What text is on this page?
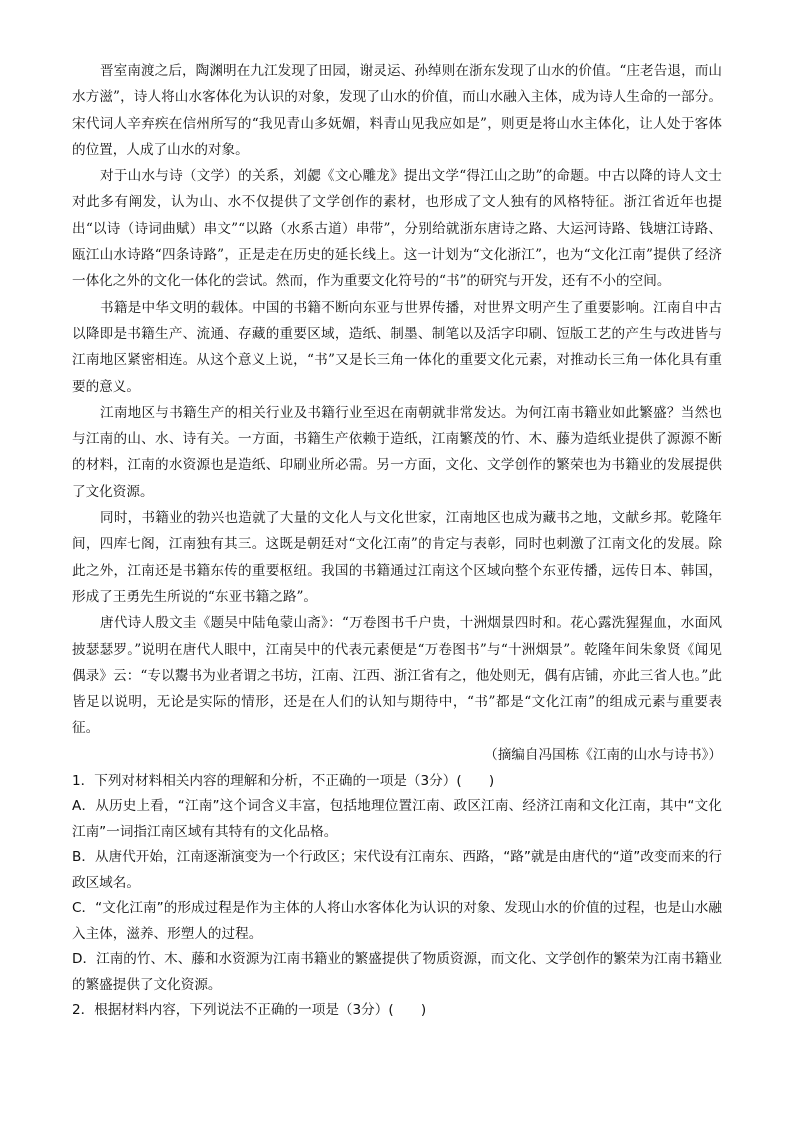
晋室南渡之后，陶渊明在九江发现了田园，谢灵运、孙绰则在浙东发现了山水的价值。“庄老告退，而山水方滋”，诗人将山水客体化为认识的对象，发现了山水的价值，而山水融入主体，成为诗人生命的一部分。宋代词人辛弃疾在信州所写的“我见青山多妩媚，料青山见我应如是”，则更是将山水主体化，让人处于客体的位置，人成了山水的对象。

对于山水与诗（文学）的关系，刘勰《文心雕龙》提出文学“得江山之助”的命题。中古以降的诗人文士对此多有阐发，认为山、水不仅提供了文学创作的素材，也形成了文人独有的风格特征。浙江省近年也提出“以诗（诗词曲赋）串文”“以路（水系古道）串带”，分别给就浙东唐诗之路、大运河诗路、钱塘江诗路、瓯江山水诗路“四条诗路”，正是走在历史的延长线上。这一计划为“文化浙江”，也为“文化江南”提供了经济一体化之外的文化一体化的尝试。然而，作为重要文化符号的“书”的研究与开发，还有不小的空间。

书籍是中华文明的载体。中国的书籍不断向东亚与世界传播，对世界文明产生了重要影响。江南自中古以降即是书籍生产、流通、存藏的重要区域，造纸、制墨、制笔以及活字印刷、饾版工艺的产生与改进皆与江南地区紧密相连。从这个意义上说，“书”又是长三角一体化的重要文化元素，对推动长三角一体化具有重要的意义。

江南地区与书籍生产的相关行业及书籍行业至迟在南朝就非常发达。为何江南书籍业如此繁盛？当然也与江南的山、水、诗有关。一方面，书籍生产依赖于造纸，江南繁茂的竹、木、藤为造纸业提供了源源不断的材料，江南的水资源也是造纸、印刷业所必需。另一方面，文化、文学创作的繁荣也为书籍业的发展提供了文化资源。

同时，书籍业的勃兴也造就了大量的文化人与文化世家，江南地区也成为藏书之地，文献乡邦。乾隆年间，四库七阁，江南独有其三。这既是朝廷对“文化江南”的肯定与表彰，同时也刺激了江南文化的发展。除此之外，江南还是书籍东传的重要枢纽。我国的书籍通过江南这个区域向整个东亚传播，远传日本、韩国，形成了王勇先生所说的“东亚书籍之路”。

唐代诗人殷文圭《题吴中陆龟蒙山斋》：“万卷图书千户贵，十洲烟景四时和。花心露洗猩猩血，水面风披瑟瑟罗。”说明在唐代人眼中，江南吴中的代表元素便是“万卷图书”与“十洲烟景”。乾隆年间朱象贤《闻见偶录》云：“专以鬻书为业者谓之书坊，江南、江西、浙江省有之，他处则无，偶有店铺，亦此三省人也。”此皆足以说明，无论是实际的情形，还是在人们的认知与期待中，“书”都是“文化江南”的组成元素与重要表征。

（摘编自冯国栋《江南的山水与诗书》）

1．下列对材料相关内容的理解和分析，不正确的一项是（3分）(　　)

A．从历史上看，“江南”这个词含义丰富，包括地理位置江南、政区江南、经济江南和文化江南，其中“文化江南”一词指江南区域有其特有的文化品格。

B．从唐代开始，江南逐渐演变为一个行政区；宋代设有江南东、西路，“路”就是由唐代的“道”改变而来的行政区域名。

C．“文化江南”的形成过程是作为主体的人将山水客体化为认识的对象、发现山水的价值的过程，也是山水融入主体，滋养、形塑人的过程。

D．江南的竹、木、藤和水资源为江南书籍业的繁盛提供了物质资源，而文化、文学创作的繁荣为江南书籍业的繁盛提供了文化资源。

2．根据材料内容，下列说法不正确的一项是（3分）(　　)
